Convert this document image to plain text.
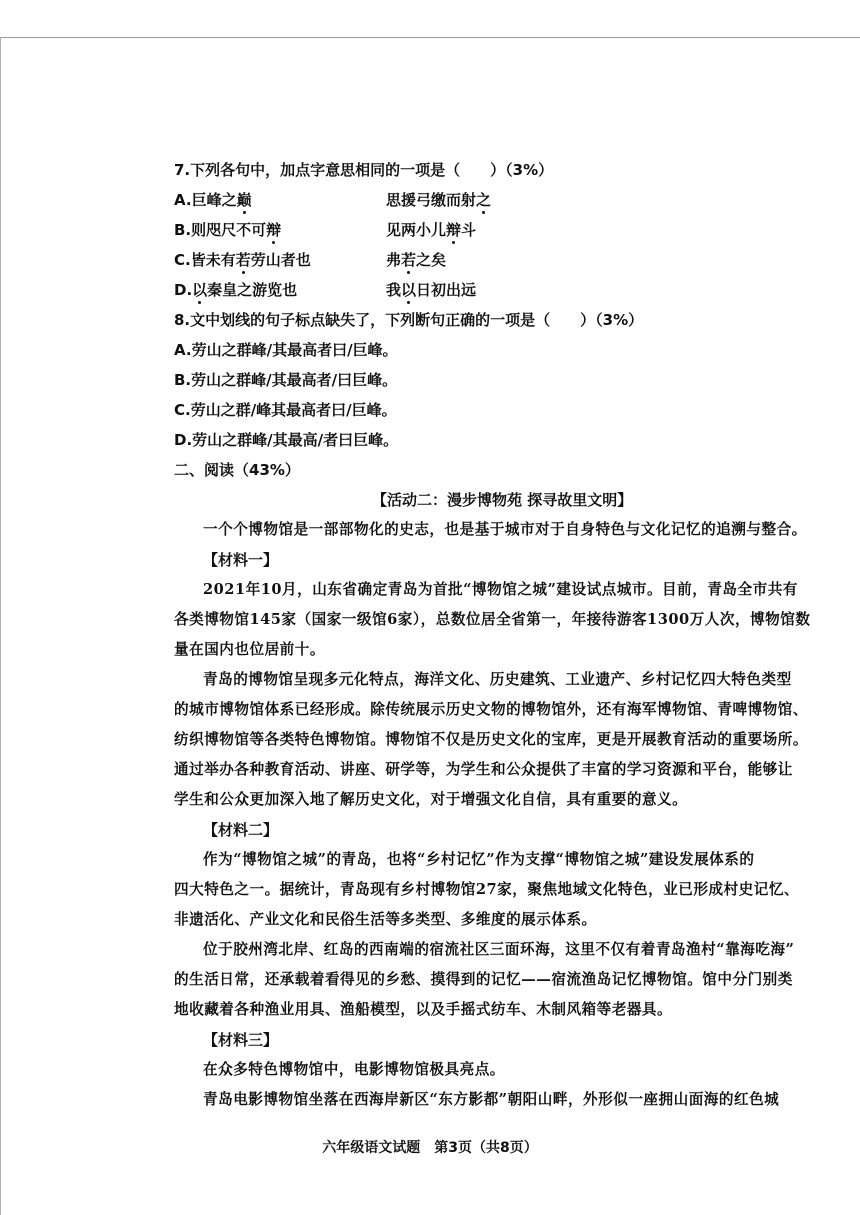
7.下列各句中，加点字意思相同的一项是（　　）（3%）
A.巨峰之巅	思援弓缴而射之
B.则咫尺不可辩	见两小儿辩斗
C.皆未有若劳山者也	弗若之矣
D.以秦皇之游览也	我以日初出远
8.文中划线的句子标点缺失了，下列断句正确的一项是（　　）（3%）
A.劳山之群峰/其最高者曰/巨峰。
B.劳山之群峰/其最高者/曰巨峰。
C.劳山之群/峰其最高者曰/巨峰。
D.劳山之群峰/其最高/者曰巨峰。
二、阅读（43%）
【活动二：漫步博物苑 探寻故里文明】
一个个博物馆是一部部物化的史志，也是基于城市对于自身特色与文化记忆的追溯与整合。
【材料一】
2021年10月，山东省确定青岛为首批“博物馆之城”建设试点城市。目前，青岛全市共有
各类博物馆145家（国家一级馆6家），总数位居全省第一，年接待游客1300万人次，博物馆数
量在国内也位居前十。
青岛的博物馆呈现多元化特点，海洋文化、历史建筑、工业遗产、乡村记忆四大特色类型
的城市博物馆体系已经形成。除传统展示历史文物的博物馆外，还有海军博物馆、青啤博物馆、
纺织博物馆等各类特色博物馆。博物馆不仅是历史文化的宝库，更是开展教育活动的重要场所。
通过举办各种教育活动、讲座、研学等，为学生和公众提供了丰富的学习资源和平台，能够让
学生和公众更加深入地了解历史文化，对于增强文化自信，具有重要的意义。
【材料二】
作为“博物馆之城”的青岛，也将“乡村记忆”作为支撑“博物馆之城”建设发展体系的
四大特色之一。据统计，青岛现有乡村博物馆27家，聚焦地域文化特色，业已形成村史记忆、
非遗活化、产业文化和民俗生活等多类型、多维度的展示体系。
位于胶州湾北岸、红岛的西南端的宿流社区三面环海，这里不仅有着青岛渔村“靠海吃海”
的生活日常，还承载着看得见的乡愁、摸得到的记忆——宿流渔岛记忆博物馆。馆中分门别类
地收藏着各种渔业用具、渔船模型，以及手摇式纺车、木制风箱等老器具。
【材料三】
在众多特色博物馆中，电影博物馆极具亮点。
青岛电影博物馆坐落在西海岸新区“东方影都”朝阳山畔，外形似一座拥山面海的红色城
六年级语文试题　第3页（共8页）
